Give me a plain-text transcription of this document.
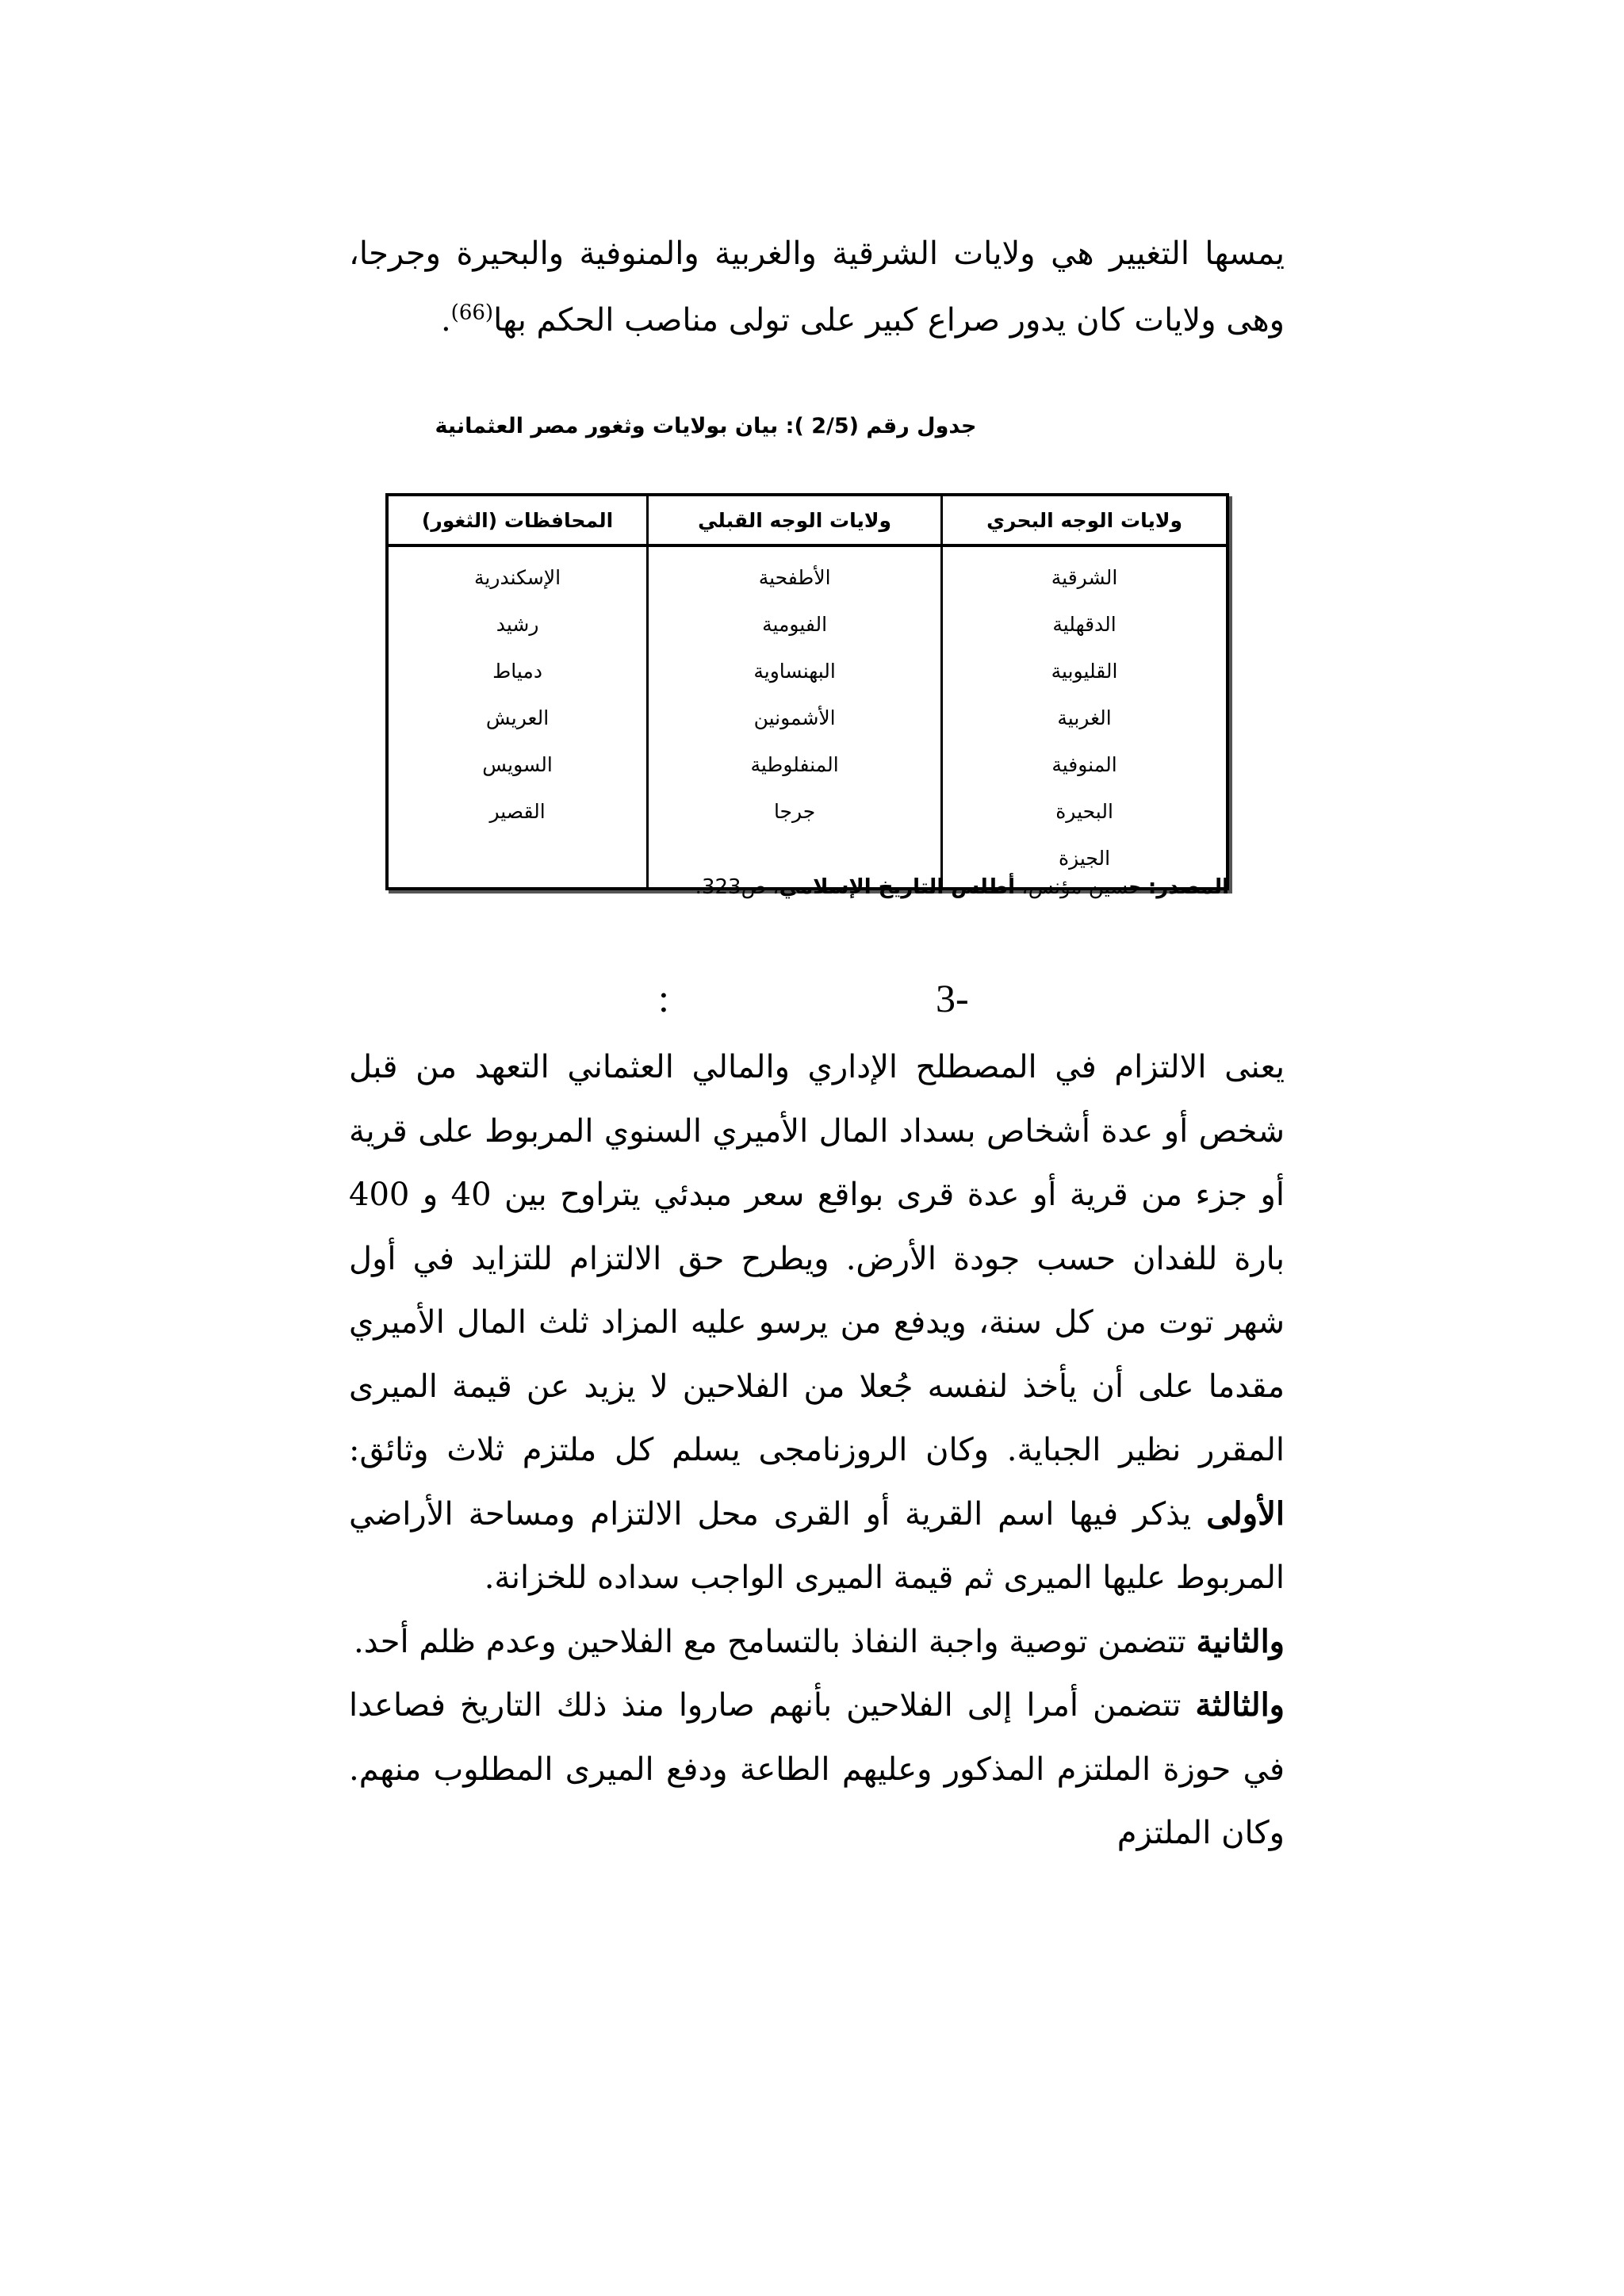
يمسها التغيير هي ولايات الشرقية والغربية والمنوفية والبحيرة وجرجا، وهى ولايات كان يدور صراع كبير على تولى مناصب الحكم بها$^{(66)}$.

جدول رقم (2/5 ): بيان بولايات وثغور مصر العثمانية
ولايات الوجه البحري	ولايات الوجه القبلي	المحافظات (الثغور)
الشرقية	الأطفحية	الإسكندرية
الدقهلية	الفيومية	رشيد
القليوبية	البهنساوية	دمياط
الغربية	الأشمونين	العريش
المنوفية	المنفلوطية	السويس
البحيرة	جرجا	القصير
الجيزة		
المصدر: حسين مؤنس، أطلس التاريخ الإسلامي، ص323.
3-
:

يعنى الالتزام في المصطلح الإداري والمالي العثماني التعهد من قبل شخص أو عدة أشخاص بسداد المال الأميري السنوي المربوط على قرية أو جزء من قرية أو عدة قرى بواقع سعر مبدئي يتراوح بين 40 و 400 بارة للفدان حسب جودة الأرض. ويطرح حق الالتزام للتزايد في أول شهر توت من كل سنة، ويدفع من يرسو عليه المزاد ثلث المال الأميري مقدما على أن يأخذ لنفسه جُعلا من الفلاحين لا يزيد عن قيمة الميرى المقرر نظير الجباية. وكان الروزنامجى يسلم كل ملتزم ثلاث وثائق: الأولى يذكر فيها اسم القرية أو القرى محل الالتزام ومساحة الأراضي المربوط عليها الميرى ثم قيمة الميرى الواجب سداده للخزانة.

والثانية تتضمن توصية واجبة النفاذ بالتسامح مع الفلاحين وعدم ظلم أحد.

والثالثة تتضمن أمرا إلى الفلاحين بأنهم صاروا منذ ذلك التاريخ فصاعدا في حوزة الملتزم المذكور وعليهم الطاعة ودفع الميرى المطلوب منهم. وكان الملتزم
